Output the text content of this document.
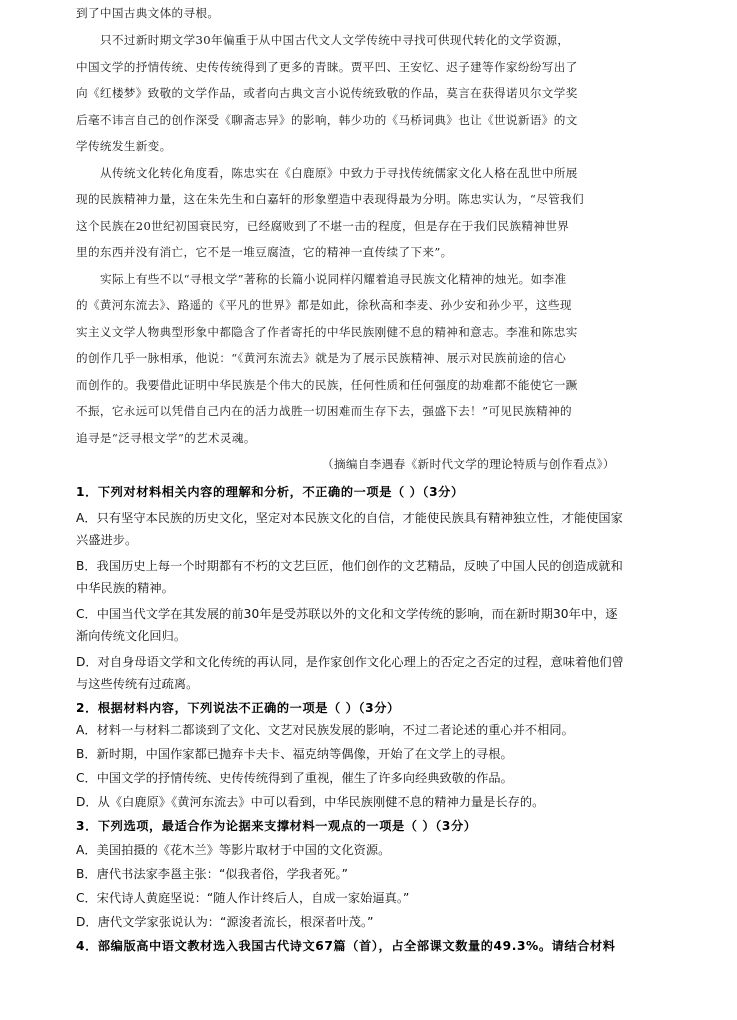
到了中国古典文体的寻根。
只不过新时期文学30年偏重于从中国古代文人文学传统中寻找可供现代转化的文学资源，
中国文学的抒情传统、史传传统得到了更多的青睐。贾平凹、王安忆、迟子建等作家纷纷写出了
向《红楼梦》致敬的文学作品，或者向古典文言小说传统致敬的作品，莫言在获得诺贝尔文学奖
后毫不讳言自己的创作深受《聊斋志异》的影响，韩少功的《马桥词典》也让《世说新语》的文
学传统发生新变。
从传统文化转化角度看，陈忠实在《白鹿原》中致力于寻找传统儒家文化人格在乱世中所展
现的民族精神力量，这在朱先生和白嘉轩的形象塑造中表现得最为分明。陈忠实认为，“尽管我们
这个民族在20世纪初国衰民穷，已经腐败到了不堪一击的程度，但是存在于我们民族精神世界
里的东西并没有消亡，它不是一堆豆腐渣，它的精神一直传续了下来”。
实际上有些不以“寻根文学”著称的长篇小说同样闪耀着追寻民族文化精神的烛光。如李准
的《黄河东流去》、路遥的《平凡的世界》都是如此，徐秋高和李麦、孙少安和孙少平，这些现
实主义文学人物典型形象中都隐含了作者寄托的中华民族刚健不息的精神和意志。李准和陈忠实
的创作几乎一脉相承，他说：“《黄河东流去》就是为了展示民族精神、展示对民族前途的信心
而创作的。我要借此证明中华民族是个伟大的民族，任何性质和任何强度的劫难都不能使它一蹶
不振，它永远可以凭借自己内在的活力战胜一切困难而生存下去，强盛下去！”可见民族精神的
追寻是“泛寻根文学”的艺术灵魂。
（摘编自李遇春《新时代文学的理论特质与创作看点》）
1．下列对材料相关内容的理解和分析，不正确的一项是（ ）（3分）
A．只有坚守本民族的历史文化，坚定对本民族文化的自信，才能使民族具有精神独立性，才能使国家
兴盛进步。
B．我国历史上每一个时期都有不朽的文艺巨匠，他们创作的文艺精品，反映了中国人民的创造成就和
中华民族的精神。
C．中国当代文学在其发展的前30年是受苏联以外的文化和文学传统的影响，而在新时期30年中，逐
渐向传统文化回归。
D．对自身母语文学和文化传统的再认同，是作家创作文化心理上的否定之否定的过程，意味着他们曾
与这些传统有过疏离。
2．根据材料内容，下列说法不正确的一项是（ ）（3分）
A．材料一与材料二都谈到了文化、文艺对民族发展的影响，不过二者论述的重心并不相同。
B．新时期，中国作家都已抛弃卡夫卡、福克纳等偶像，开始了在文学上的寻根。
C．中国文学的抒情传统、史传传统得到了重视，催生了许多向经典致敬的作品。
D．从《白鹿原》《黄河东流去》中可以看到，中华民族刚健不息的精神力量是长存的。
3．下列选项，最适合作为论据来支撑材料一观点的一项是（ ）（3分）
A．美国拍摄的《花木兰》等影片取材于中国的文化资源。
B．唐代书法家李邕主张：“似我者俗，学我者死。”
C．宋代诗人黄庭坚说：“随人作计终后人，自成一家始逼真。”
D．唐代文学家张说认为：“源浚者流长，根深者叶茂。”
4．部编版高中语文教材选入我国古代诗文67篇（首），占全部课文数量的49.3%。请结合材料
